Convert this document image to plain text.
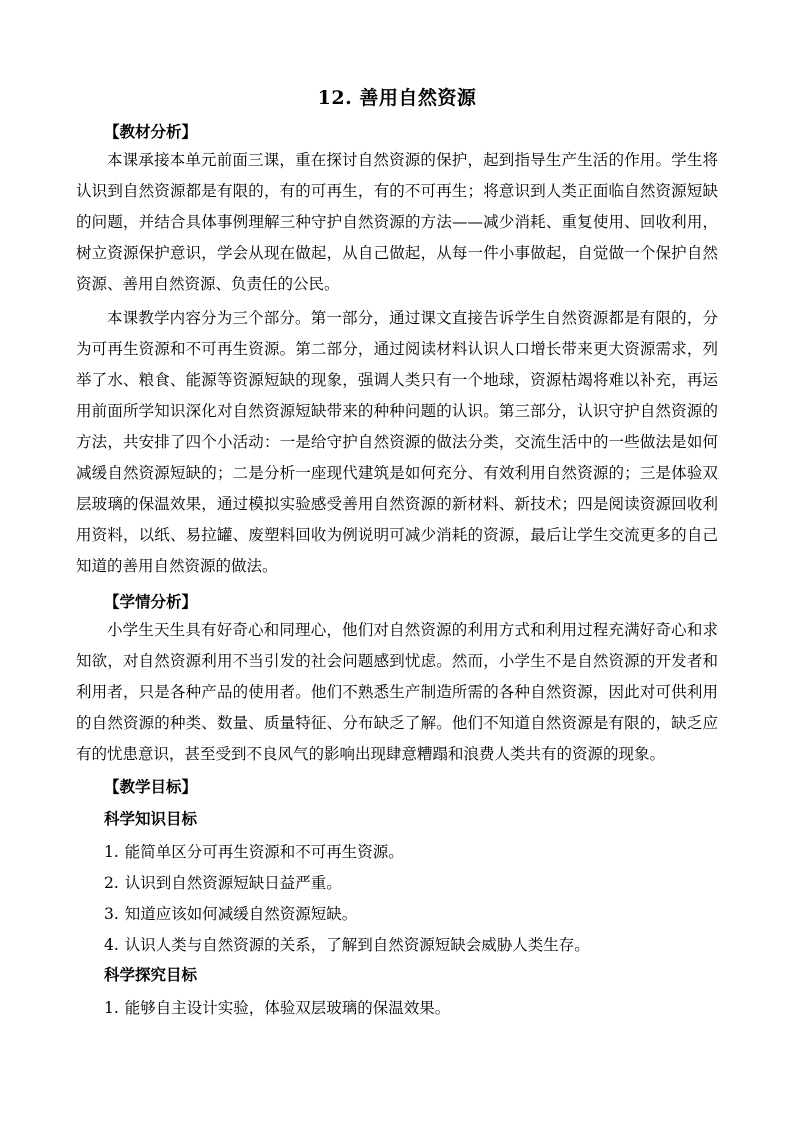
12. 善用自然资源
【教材分析】
本课承接本单元前面三课，重在探讨自然资源的保护，起到指导生产生活的作用。学生将认识到自然资源都是有限的，有的可再生，有的不可再生；将意识到人类正面临自然资源短缺的问题，并结合具体事例理解三种守护自然资源的方法——减少消耗、重复使用、回收利用，树立资源保护意识，学会从现在做起，从自己做起，从每一件小事做起，自觉做一个保护自然资源、善用自然资源、负责任的公民。
本课教学内容分为三个部分。第一部分，通过课文直接告诉学生自然资源都是有限的，分为可再生资源和不可再生资源。第二部分，通过阅读材料认识人口增长带来更大资源需求，列举了水、粮食、能源等资源短缺的现象，强调人类只有一个地球，资源枯竭将难以补充，再运用前面所学知识深化对自然资源短缺带来的种种问题的认识。第三部分，认识守护自然资源的方法，共安排了四个小活动：一是给守护自然资源的做法分类，交流生活中的一些做法是如何减缓自然资源短缺的；二是分析一座现代建筑是如何充分、有效利用自然资源的；三是体验双层玻璃的保温效果，通过模拟实验感受善用自然资源的新材料、新技术；四是阅读资源回收利用资料，以纸、易拉罐、废塑料回收为例说明可减少消耗的资源，最后让学生交流更多的自己知道的善用自然资源的做法。
【学情分析】
小学生天生具有好奇心和同理心，他们对自然资源的利用方式和利用过程充满好奇心和求知欲，对自然资源利用不当引发的社会问题感到忧虑。然而，小学生不是自然资源的开发者和利用者，只是各种产品的使用者。他们不熟悉生产制造所需的各种自然资源，因此对可供利用的自然资源的种类、数量、质量特征、分布缺乏了解。他们不知道自然资源是有限的，缺乏应有的忧患意识，甚至受到不良风气的影响出现肆意糟蹋和浪费人类共有的资源的现象。
【教学目标】
科学知识目标
1. 能简单区分可再生资源和不可再生资源。
2. 认识到自然资源短缺日益严重。
3. 知道应该如何减缓自然资源短缺。
4. 认识人类与自然资源的关系，了解到自然资源短缺会威胁人类生存。
科学探究目标
1. 能够自主设计实验，体验双层玻璃的保温效果。
